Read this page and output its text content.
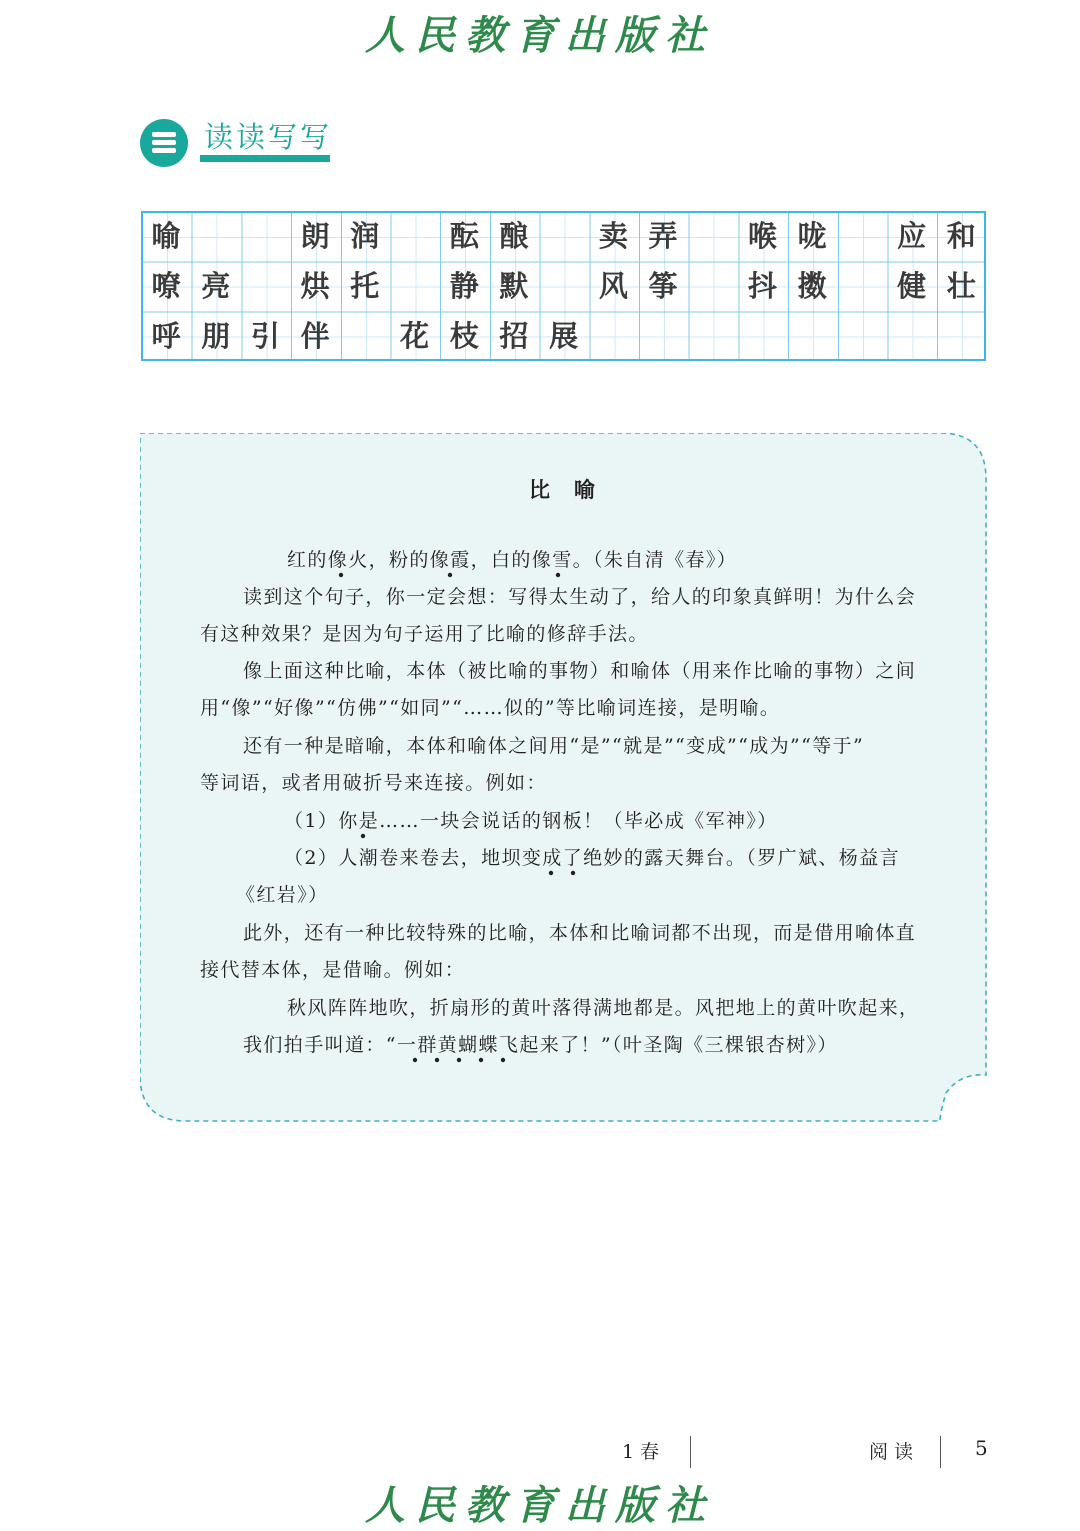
人民教育出版社
读读写写
喻	朗 润	酝 酿	卖 弄	喉 咙	应 和
嘹 亮	烘 托	静 默	风 筝	抖 擞	健 壮
呼 朋 引 伴	花 枝 招 展
比喻

红的像火，粉的像霞，白的像雪。（朱自清《春》）

读到这个句子，你一定会想：写得太生动了，给人的印象真鲜明！为什么会

有这种效果？是因为句子运用了比喻的修辞手法。

像上面这种比喻，本体（被比喻的事物）和喻体（用来作比喻的事物）之间

用“像”“好像”“仿佛”“如同”“……似的”等比喻词连接，是明喻。

还有一种是暗喻，本体和喻体之间用“是”“就是”“变成”“成为”“等于”

等词语，或者用破折号来连接。例如：

（1）你是……一块会说话的钢板！（毕必成《军神》）

（2）人潮卷来卷去，地坝变成了绝妙的露天舞台。（罗广斌、杨益言

《红岩》）

此外，还有一种比较特殊的比喻，本体和比喻词都不出现，而是借用喻体直

接代替本体，是借喻。例如：

秋风阵阵地吹，折扇形的黄叶落得满地都是。风把地上的黄叶吹起来，

我们拍手叫道：“一群黄蝴蝶飞起来了！”（叶圣陶《三棵银杏树》）

1 春	阅 读	5
人民教育出版社
